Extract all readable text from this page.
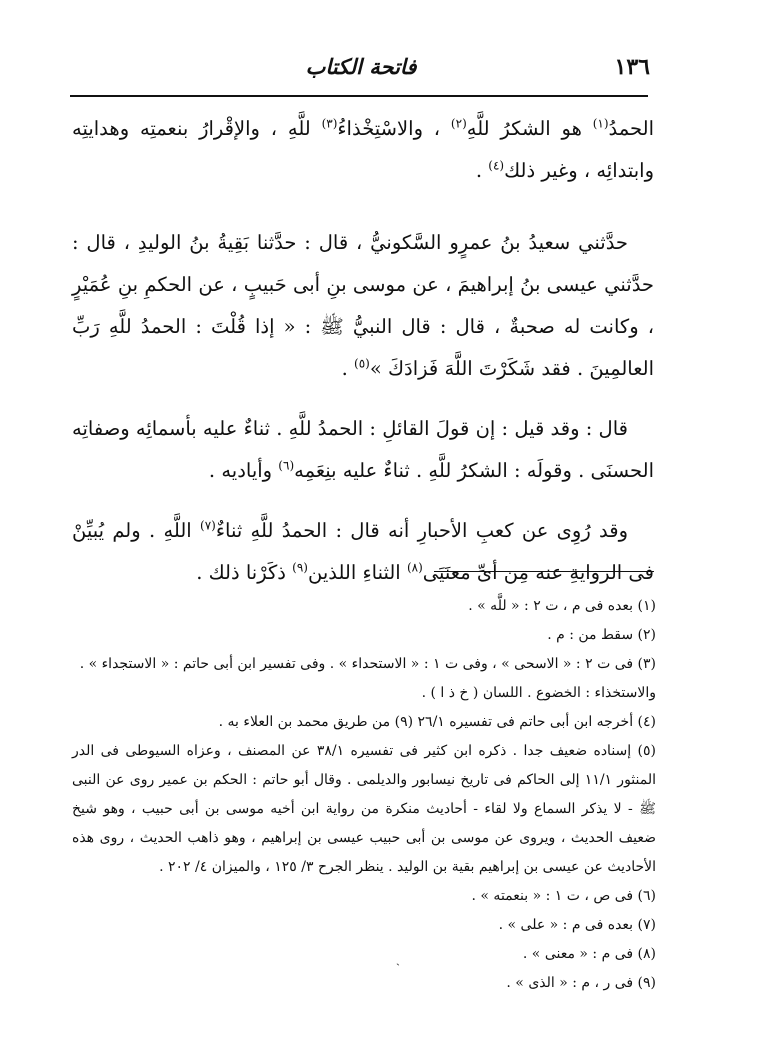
١٣٦
فاتحة الكتاب

الحمدُ$^{(١)}$ هو الشكرُ للَّهِ$^{(٢)}$ ، والاسْتِخْذاءُ$^{(٣)}$ للَّهِ ، والإقْرارُ بنعمتِه وهدايتِه وابتدائِه ، وغير ذلك$^{(٤)}$ .

حدَّثني سعيدُ بنُ عمرٍو السَّكونيُّ ، قال : حدَّثنا بَقِيةُ بنُ الوليدِ ، قال : حدَّثني عيسى بنُ إبراهيمَ ، عن موسى بنِ أبى حَبيبٍ ، عن الحكمِ بنِ عُمَيْرٍ ، وكانت له صحبةٌ ، قال : قال النبيُّ ﷺ : « إذا قُلْتَ : الحمدُ للَّهِ رَبِّ العالمِينَ . فقد شَكَرْتَ اللَّهَ فَزادَكَ »$^{(٥)}$ .

قال : وقد قيل : إن قولَ القائلِ : الحمدُ للَّهِ . ثناءٌ عليه بأسمائِه وصفاتِه الحسنَى . وقولَه : الشكرُ للَّهِ . ثناءٌ عليه بنِعَمِه$^{(٦)}$ وأياديه .

وقد رُوِى عن كعبِ الأحبارِ أنه قال : الحمدُ للَّهِ ثناءٌ$^{(٧)}$ اللَّهِ . ولم يُبيِّنْ فى الروايةِ عنه مِن أىِّ معنَيَى$^{(٨)}$ الثناءِ اللذين$^{(٩)}$ ذكَرْنا ذلك .

(١) بعده فى م ، ت ٢ : « للَّه » .

(٢) سقط من : م .

(٣) فى ت ٢ : « الاسحى » ، وفى ت ١ : « الاستحداء » . وفى تفسير ابن أبى حاتم : « الاستجداء » .

والاستخذاء : الخضوع . اللسان ( خ ذ ا ) .

(٤) أخرجه ابن أبى حاتم فى تفسيره ٢٦/١ (٩) من طريق محمد بن العلاء به .

(٥) إسناده ضعيف جدا . ذكره ابن كثير فى تفسيره ٣٨/١ عن المصنف ، وعزاه السيوطى فى الدر المنثور ١١/١ إلى الحاكم فى تاريخ نيسابور والديلمى . وقال أبو حاتم : الحكم بن عمير روى عن النبى ﷺ - لا يذكر السماع ولا لقاء - أحاديث منكرة من رواية ابن أخيه موسى بن أبى حبيب ، وهو شيخ ضعيف الحديث ، ويروى عن موسى بن أبى حبيب عيسى بن إبراهيم ، وهو ذاهب الحديث ، روى هذه الأحاديث عن عيسى بن إبراهيم بقية بن الوليد . ينظر الجرح ٣/ ١٢٥ ، والميزان ٤/ ٢٠٢ .

(٦) فى ص ، ت ١ : « بنعمته » .

(٧) بعده فى م : « على » .

(٨) فى م : « معنى » .

(٩) فى ر ، م : « الذى » .

ˎ
